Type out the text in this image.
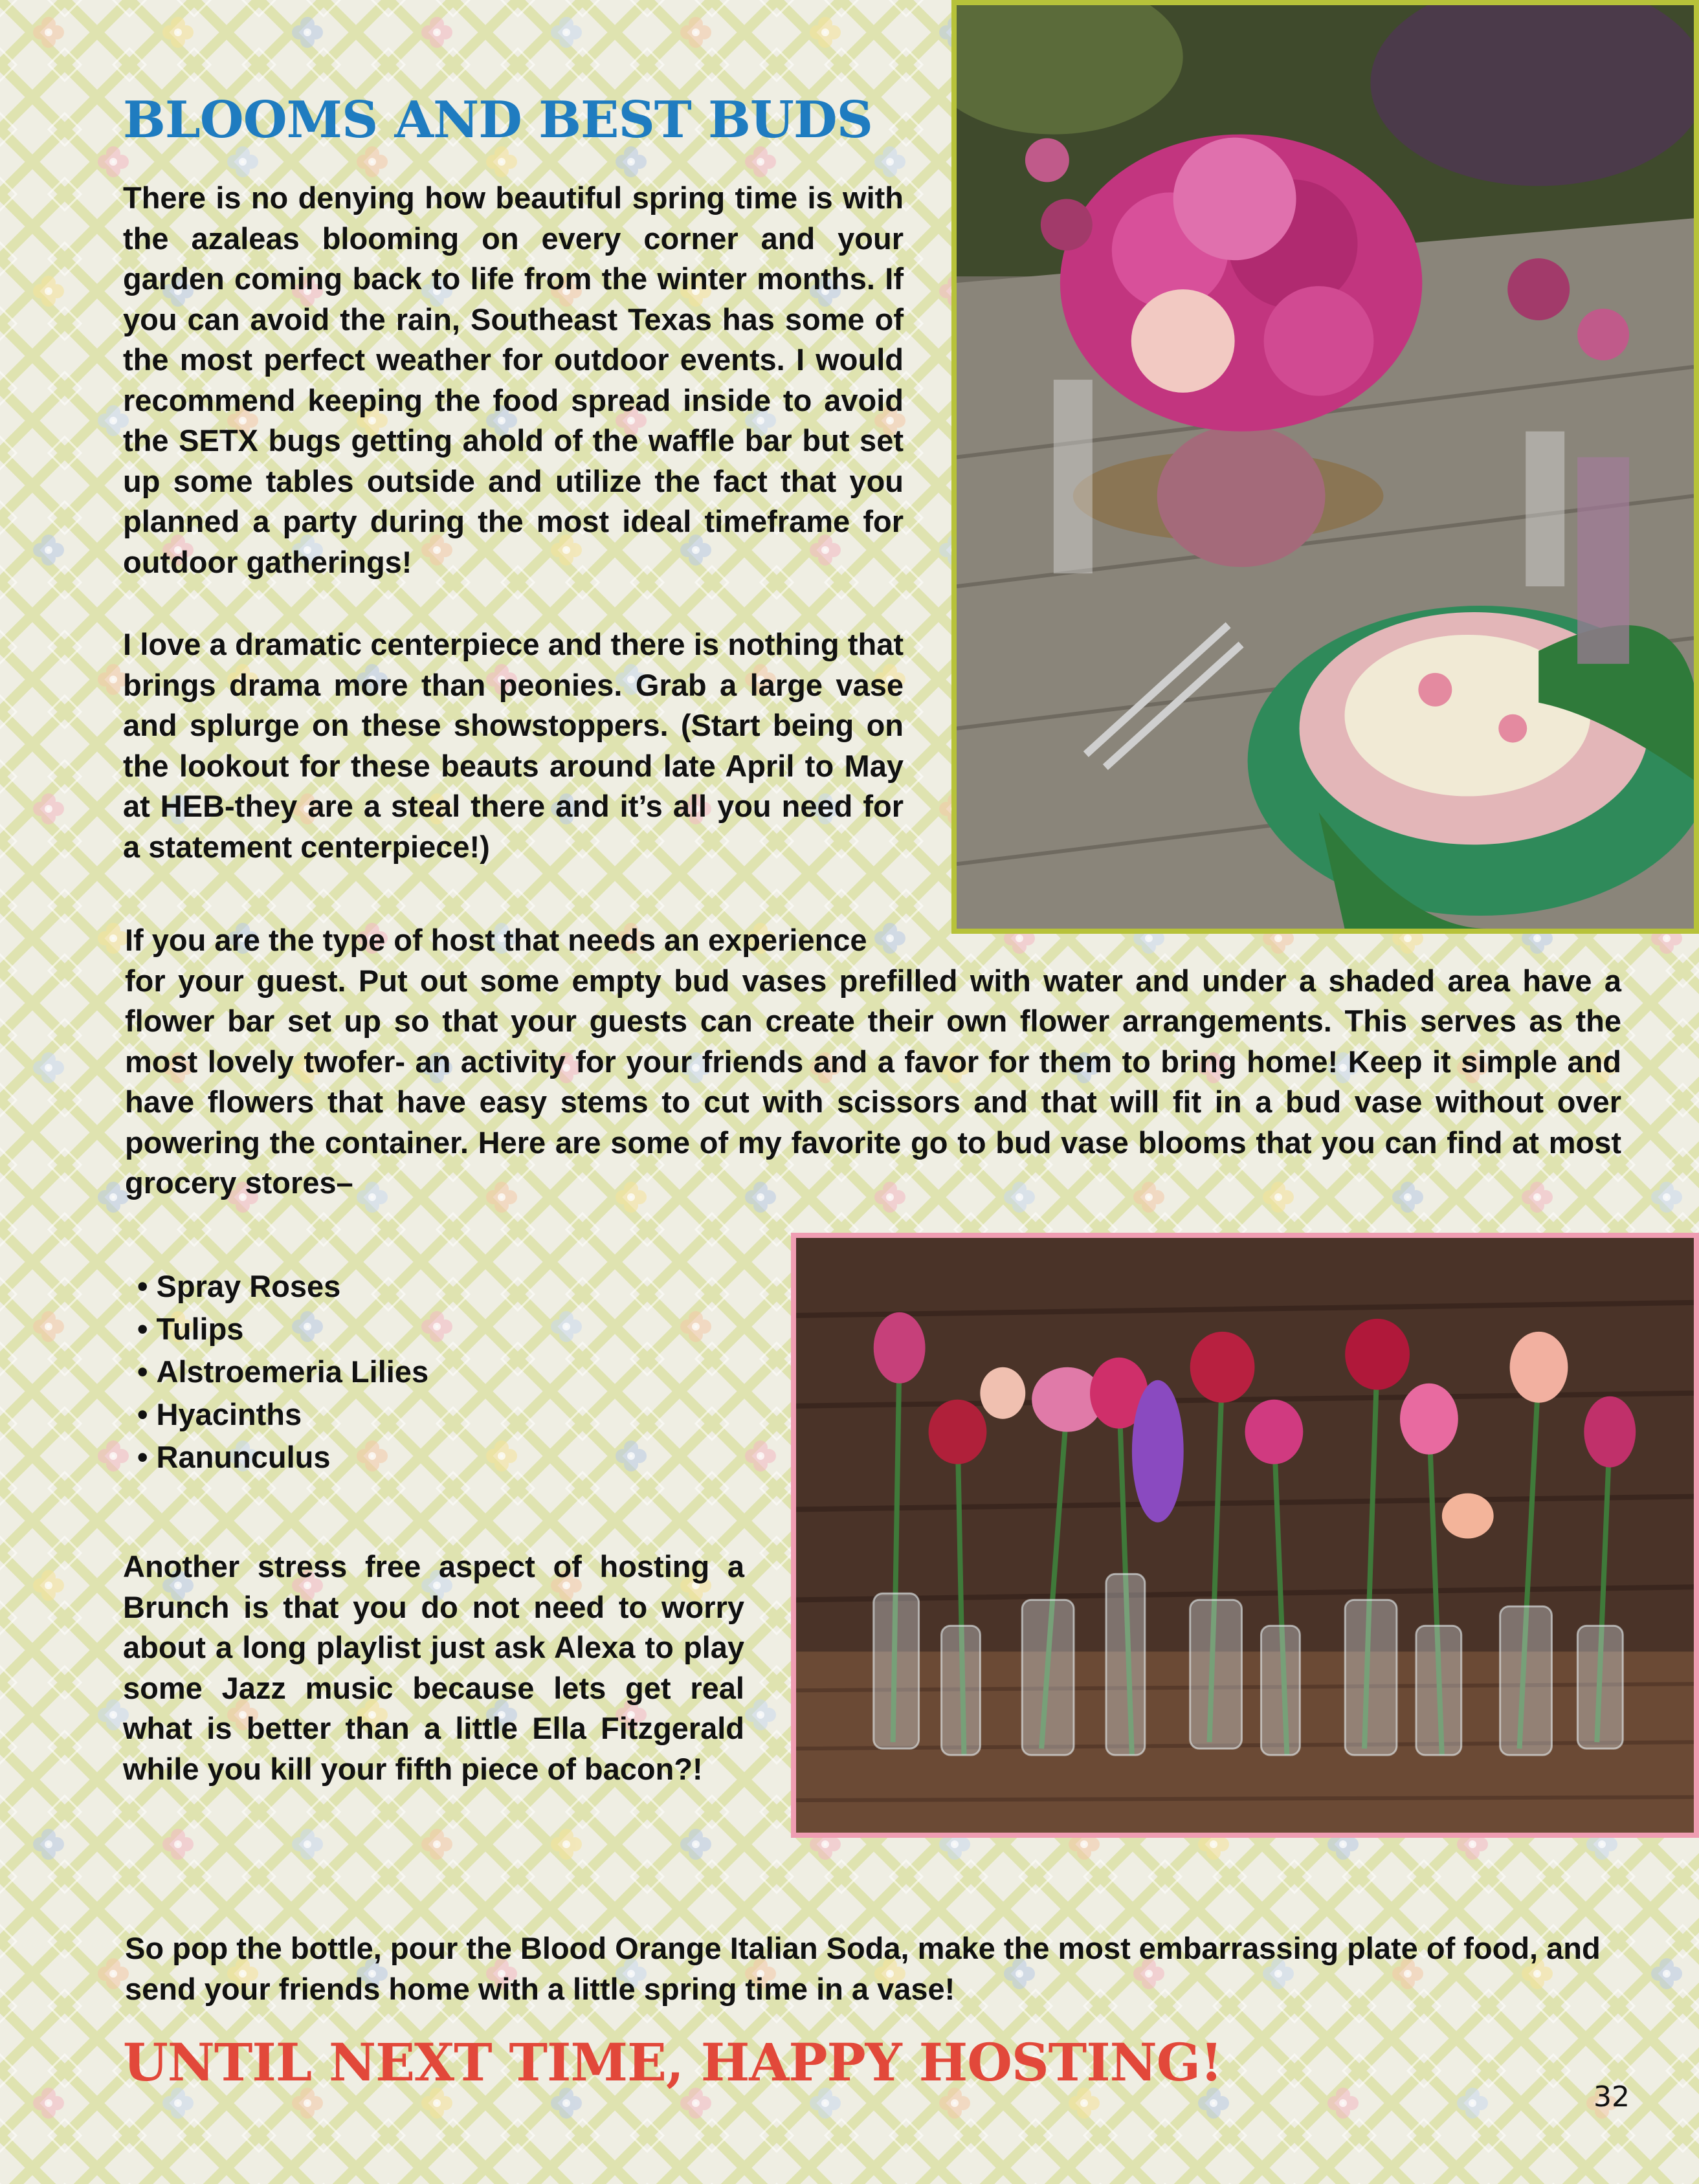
BLOOMS AND BEST BUDS

There is no denying how beautiful spring time is with the azaleas blooming on every corner and your garden coming back to life from the winter months. If you can avoid the rain, Southeast Texas has some of the most perfect weather for outdoor events. I would recommend keeping the food spread inside to avoid the SETX bugs getting ahold of the waffle bar but set up some tables outside and utilize the fact that you planned a party during the most ideal timeframe for outdoor gatherings!

I love a dramatic centerpiece and there is nothing that brings drama more than peonies. Grab a large vase and splurge on these showstoppers. (Start being on the lookout for these beauts around late April to May at HEB-they are a steal there and it’s all you need for a statement centerpiece!)

If you are the type of host that needs an experience
for your guest. Put out some empty bud vases prefilled with water and under a shaded area have a flower bar set up so that your guests can create their own flower arrangements. This serves as the most lovely twofer- an activity for your friends and a favor for them to bring home! Keep it simple and have flowers that have easy stems to cut with scissors and that will fit in a bud vase without over powering the container. Here are some of my favorite go to bud vase blooms that you can find at most grocery stores–

• Spray Roses
• Tulips
• Alstroemeria Lilies
• Hyacinths
• Ranunculus

Another stress free aspect of hosting a Brunch is that you do not need to worry about a long playlist just ask Alexa to play some Jazz music because lets get real what is better than a little Ella Fitzgerald while you kill your fifth piece of bacon?!

So pop the bottle, pour the Blood Orange Italian Soda, make the most embarrassing plate of food, and send your friends home with a little spring time in a vase!

UNTIL NEXT TIME, HAPPY HOSTING!
32
